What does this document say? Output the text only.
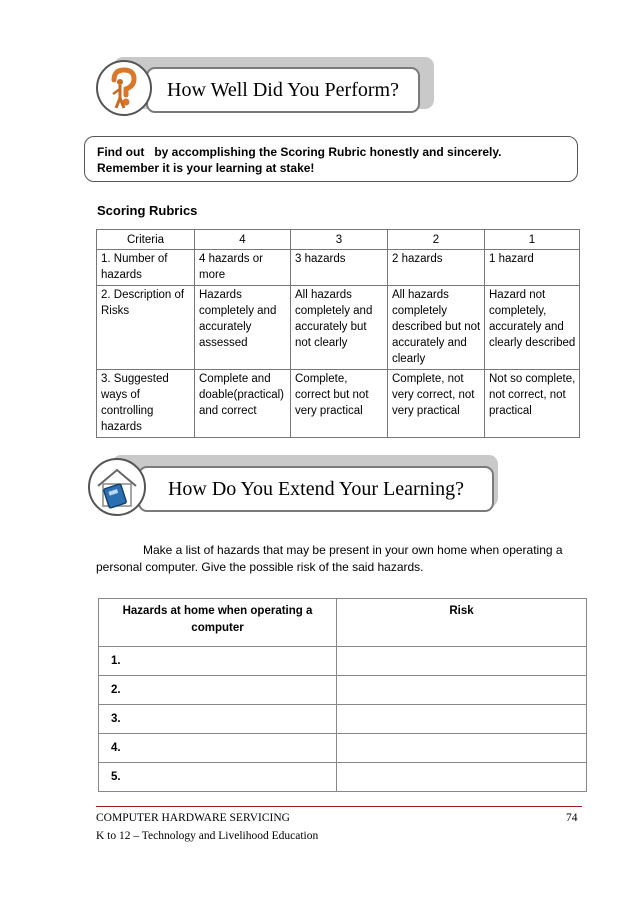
How Well Did You Perform?
Find out   by accomplishing the Scoring Rubric honestly and sincerely.
Remember it is your learning at stake!
Scoring Rubrics
Criteria	4	3	2	1
1. Number of hazards	4 hazards or more	3 hazards	2 hazards	1 hazard
2. Description of Risks	Hazards completely and accurately assessed	All hazards completely and accurately but not clearly	All hazards completely described but not accurately and clearly	Hazard not completely, accurately and clearly described
3. Suggested ways of controlling hazards	Complete and doable(practical) and correct	Complete, correct but not very practical	Complete, not very correct, not very practical	Not so complete, not correct, not practical
How Do You Extend Your Learning?
Make a list of hazards that may be present in your own home when operating a personal computer. Give the possible risk of the said hazards.
Hazards at home when operating a computer	Risk
1.	
2.	
3.	
4.	
5.	
COMPUTER HARDWARE SERVICING	74
K to 12 – Technology and Livelihood Education
